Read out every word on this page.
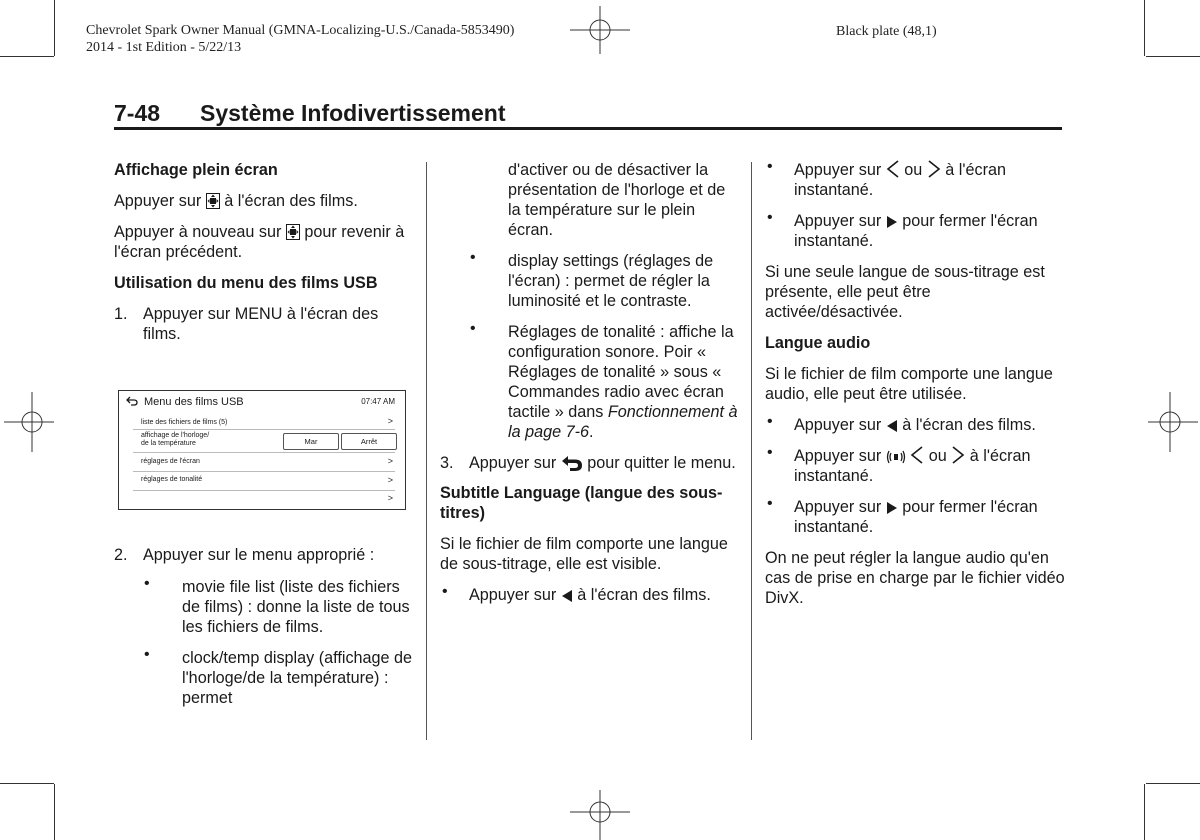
Chevrolet Spark Owner Manual (GMNA-Localizing-U.S./Canada-5853490)
2014 - 1st Edition - 5/22/13
Black plate (48,1)
7-48 Système Infodivertissement

Affichage plein écran

Appuyer sur à l'écran des films.

Appuyer à nouveau sur pour revenir à l'écran précédent.

Utilisation du menu des films USB

1. Appuyer sur MENU à l'écran des films.
Menu des films USB	07:47 AM
liste des fichiers de films (5)	>
affichage de l'horloge/
de la température	Mar	Arrêt
réglages de l'écran	>
réglages de tonalité	>
>
2. Appuyer sur le menu approprié :
• movie file list (liste des fichiers de films) : donne la liste de tous les fichiers de films.
• clock/temp display (affichage de l'horloge/de la température) : permet

d'activer ou de désactiver la présentation de l'horloge et de la température sur le plein écran.

• display settings (réglages de l'écran) : permet de régler la luminosité et le contraste.
• Réglages de tonalité : affiche la configuration sonore. Poir « Réglages de tonalité » sous « Commandes radio avec écran tactile » dans Fonctionnement à la page 7-6.
3. Appuyer sur pour quitter le menu.

Subtitle Language (langue des sous-titres)

Si le fichier de film comporte une langue de sous-titrage, elle est visible.

• Appuyer sur à l'écran des films.
• Appuyer sur ou à l'écran instantané.
• Appuyer sur pour fermer l'écran instantané.

Si une seule langue de sous-titrage est présente, elle peut être activée/désactivée.

Langue audio

Si le fichier de film comporte une langue audio, elle peut être utilisée.

• Appuyer sur à l'écran des films.
• Appuyer sur	ou à l'écran instantané.
• Appuyer sur pour fermer l'écran instantané.

On ne peut régler la langue audio qu'en cas de prise en charge par le fichier vidéo DivX.
